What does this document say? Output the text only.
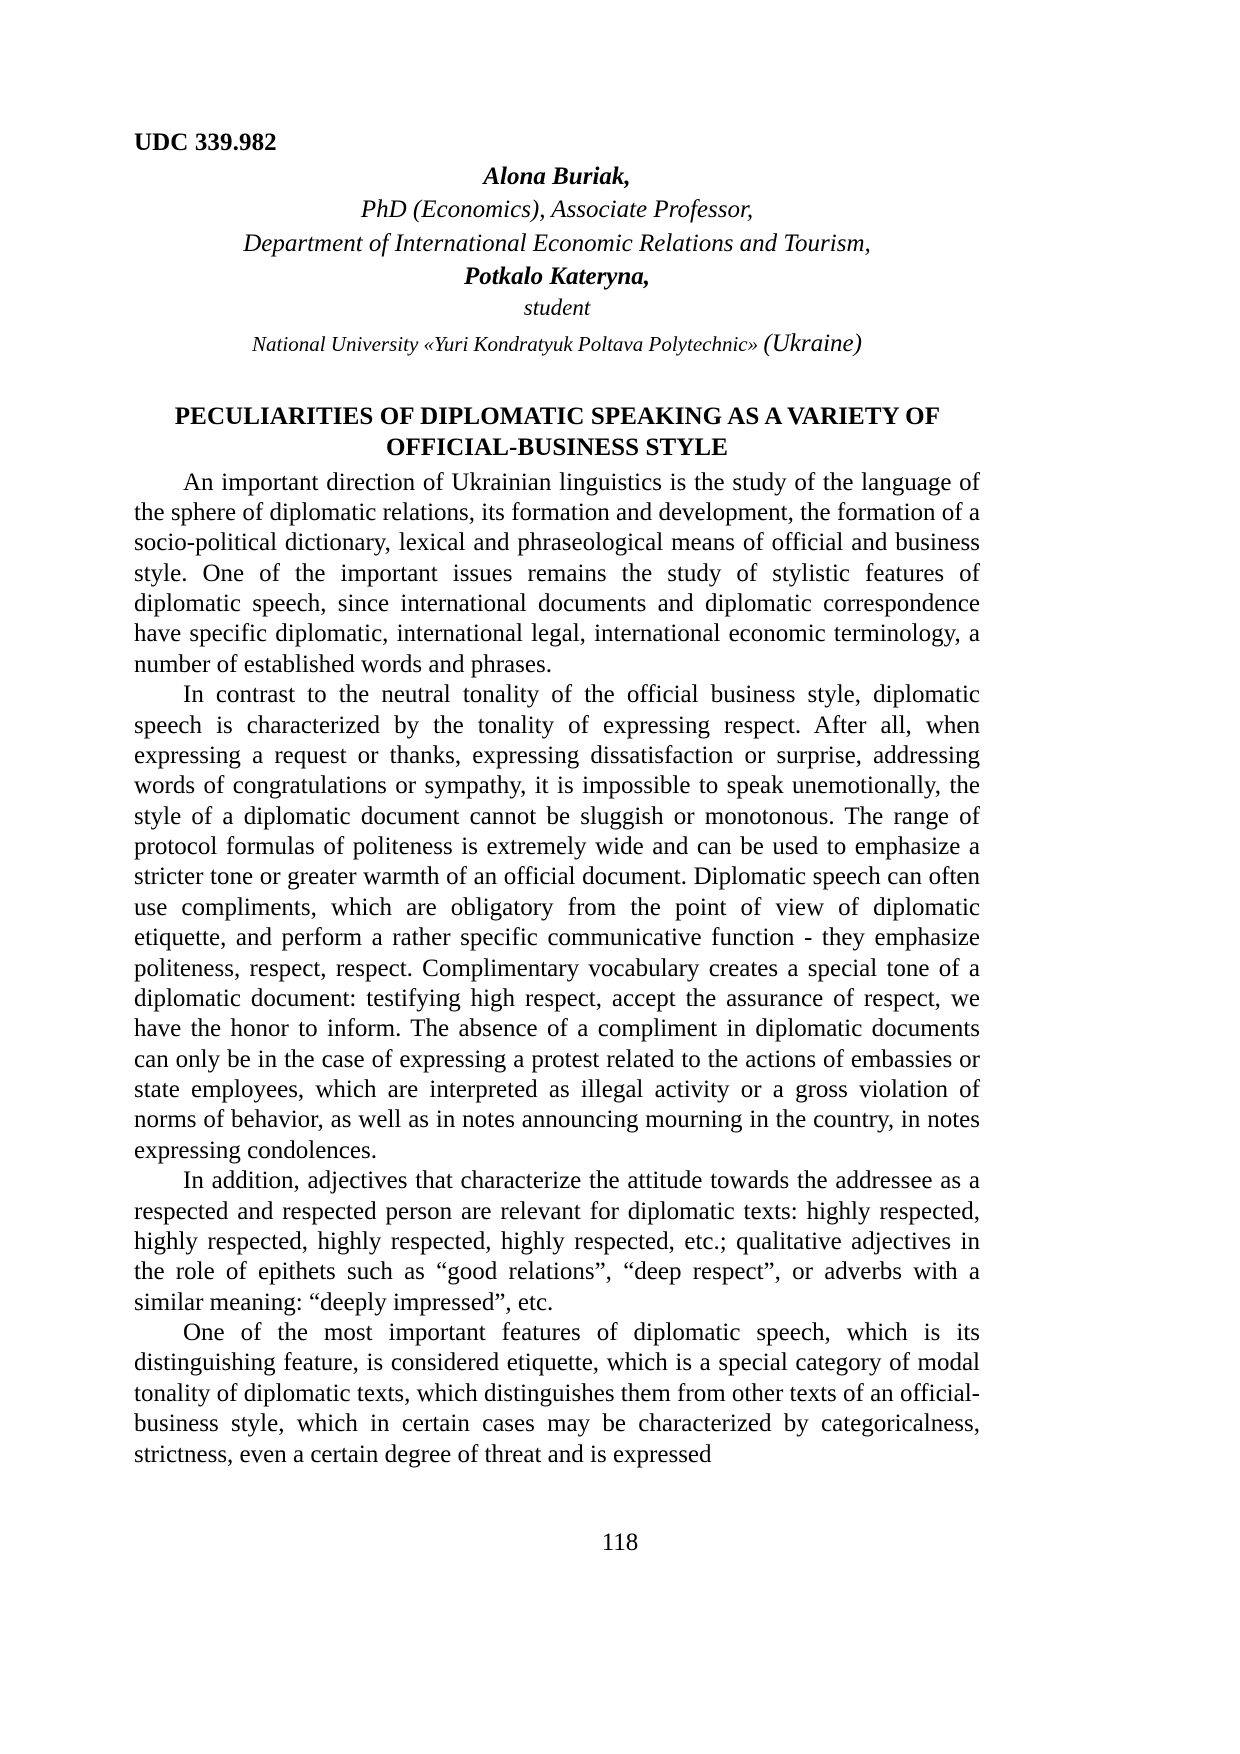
UDC 339.982
Alona Buriak,
PhD (Economics), Associate Professor,
Department of International Economic Relations and Tourism,
Potkalo Kateryna,
student
National University «Yuri Kondratyuk Poltava Polytechnic» (Ukraine)
PECULIARITIES OF DIPLOMATIC SPEAKING AS A VARIETY OF OFFICIAL-BUSINESS STYLE

An important direction of Ukrainian linguistics is the study of the language of the sphere of diplomatic relations, its formation and development, the formation of a socio-political dictionary, lexical and phraseological means of official and business style. One of the important issues remains the study of stylistic features of diplomatic speech, since international documents and diplomatic correspondence have specific diplomatic, international legal, international economic terminology, a number of established words and phrases.

In contrast to the neutral tonality of the official business style, diplomatic speech is characterized by the tonality of expressing respect. After all, when expressing a request or thanks, expressing dissatisfaction or surprise, addressing words of congratulations or sympathy, it is impossible to speak unemotionally, the style of a diplomatic document cannot be sluggish or monotonous. The range of protocol formulas of politeness is extremely wide and can be used to emphasize a stricter tone or greater warmth of an official document. Diplomatic speech can often use compliments, which are obligatory from the point of view of diplomatic etiquette, and perform a rather specific communicative function - they emphasize politeness, respect, respect. Complimentary vocabulary creates a special tone of a diplomatic document: testifying high respect, accept the assurance of respect, we have the honor to inform. The absence of a compliment in diplomatic documents can only be in the case of expressing a protest related to the actions of embassies or state employees, which are interpreted as illegal activity or a gross violation of norms of behavior, as well as in notes announcing mourning in the country, in notes expressing condolences.

In addition, adjectives that characterize the attitude towards the addressee as a respected and respected person are relevant for diplomatic texts: highly respected, highly respected, highly respected, highly respected, etc.; qualitative adjectives in the role of epithets such as “good relations”, “deep respect”, or adverbs with a similar meaning: “deeply impressed”, etc.

One of the most important features of diplomatic speech, which is its distinguishing feature, is considered etiquette, which is a special category of modal tonality of diplomatic texts, which distinguishes them from other texts of an official-business style, which in certain cases may be characterized by categoricalness, strictness, even a certain degree of threat and is expressed

118
